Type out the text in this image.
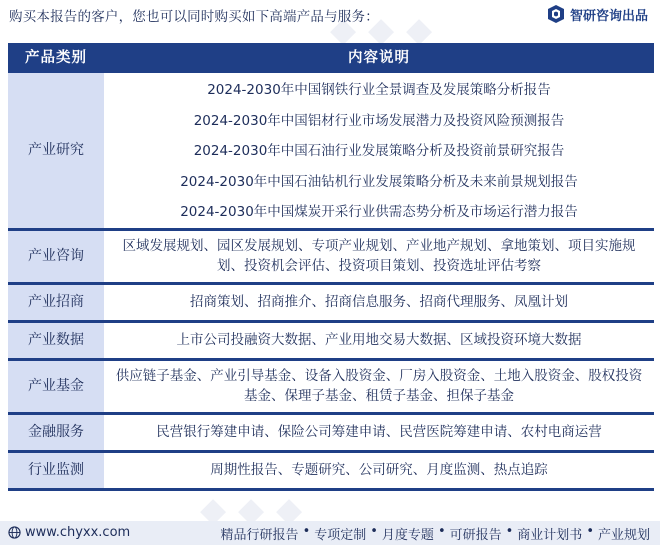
◆ ◆ ◆
◆ ◆ ◆
购买本报告的客户，您也可以同时购买如下高端产品与服务：	智研咨询出品
产品类别	内容说明
产业研究	2024-2030年中国钢铁行业全景调查及发展策略分析报告
2024-2030年中国铝材行业市场发展潜力及投资风险预测报告
2024-2030年中国石油行业发展策略分析及投资前景研究报告
2024-2030年中国石油钻机行业发展策略分析及未来前景规划报告
2024-2030年中国煤炭开采行业供需态势分析及市场运行潜力报告

产业咨询	区域发展规划、园区发展规划、专项产业规划、产业地产规划、拿地策划、项目实施规划、投资机会评估、投资项目策划、投资选址评估考察
产业招商	招商策划、招商推介、招商信息服务、招商代理服务、凤凰计划
产业数据	上市公司投融资大数据、产业用地交易大数据、区域投资环境大数据
产业基金	供应链子基金、产业引导基金、设备入股资金、厂房入股资金、土地入股资金、股权投资基金、保理子基金、租赁子基金、担保子基金
金融服务	民营银行筹建申请、保险公司筹建申请、民营医院筹建申请、农村电商运营
行业监测	周期性报告、专题研究、公司研究、月度监测、热点追踪
www.chyxx.com	精品行研报告 • 专项定制 • 月度专题 • 可研报告 • 商业计划书 • 产业规划
